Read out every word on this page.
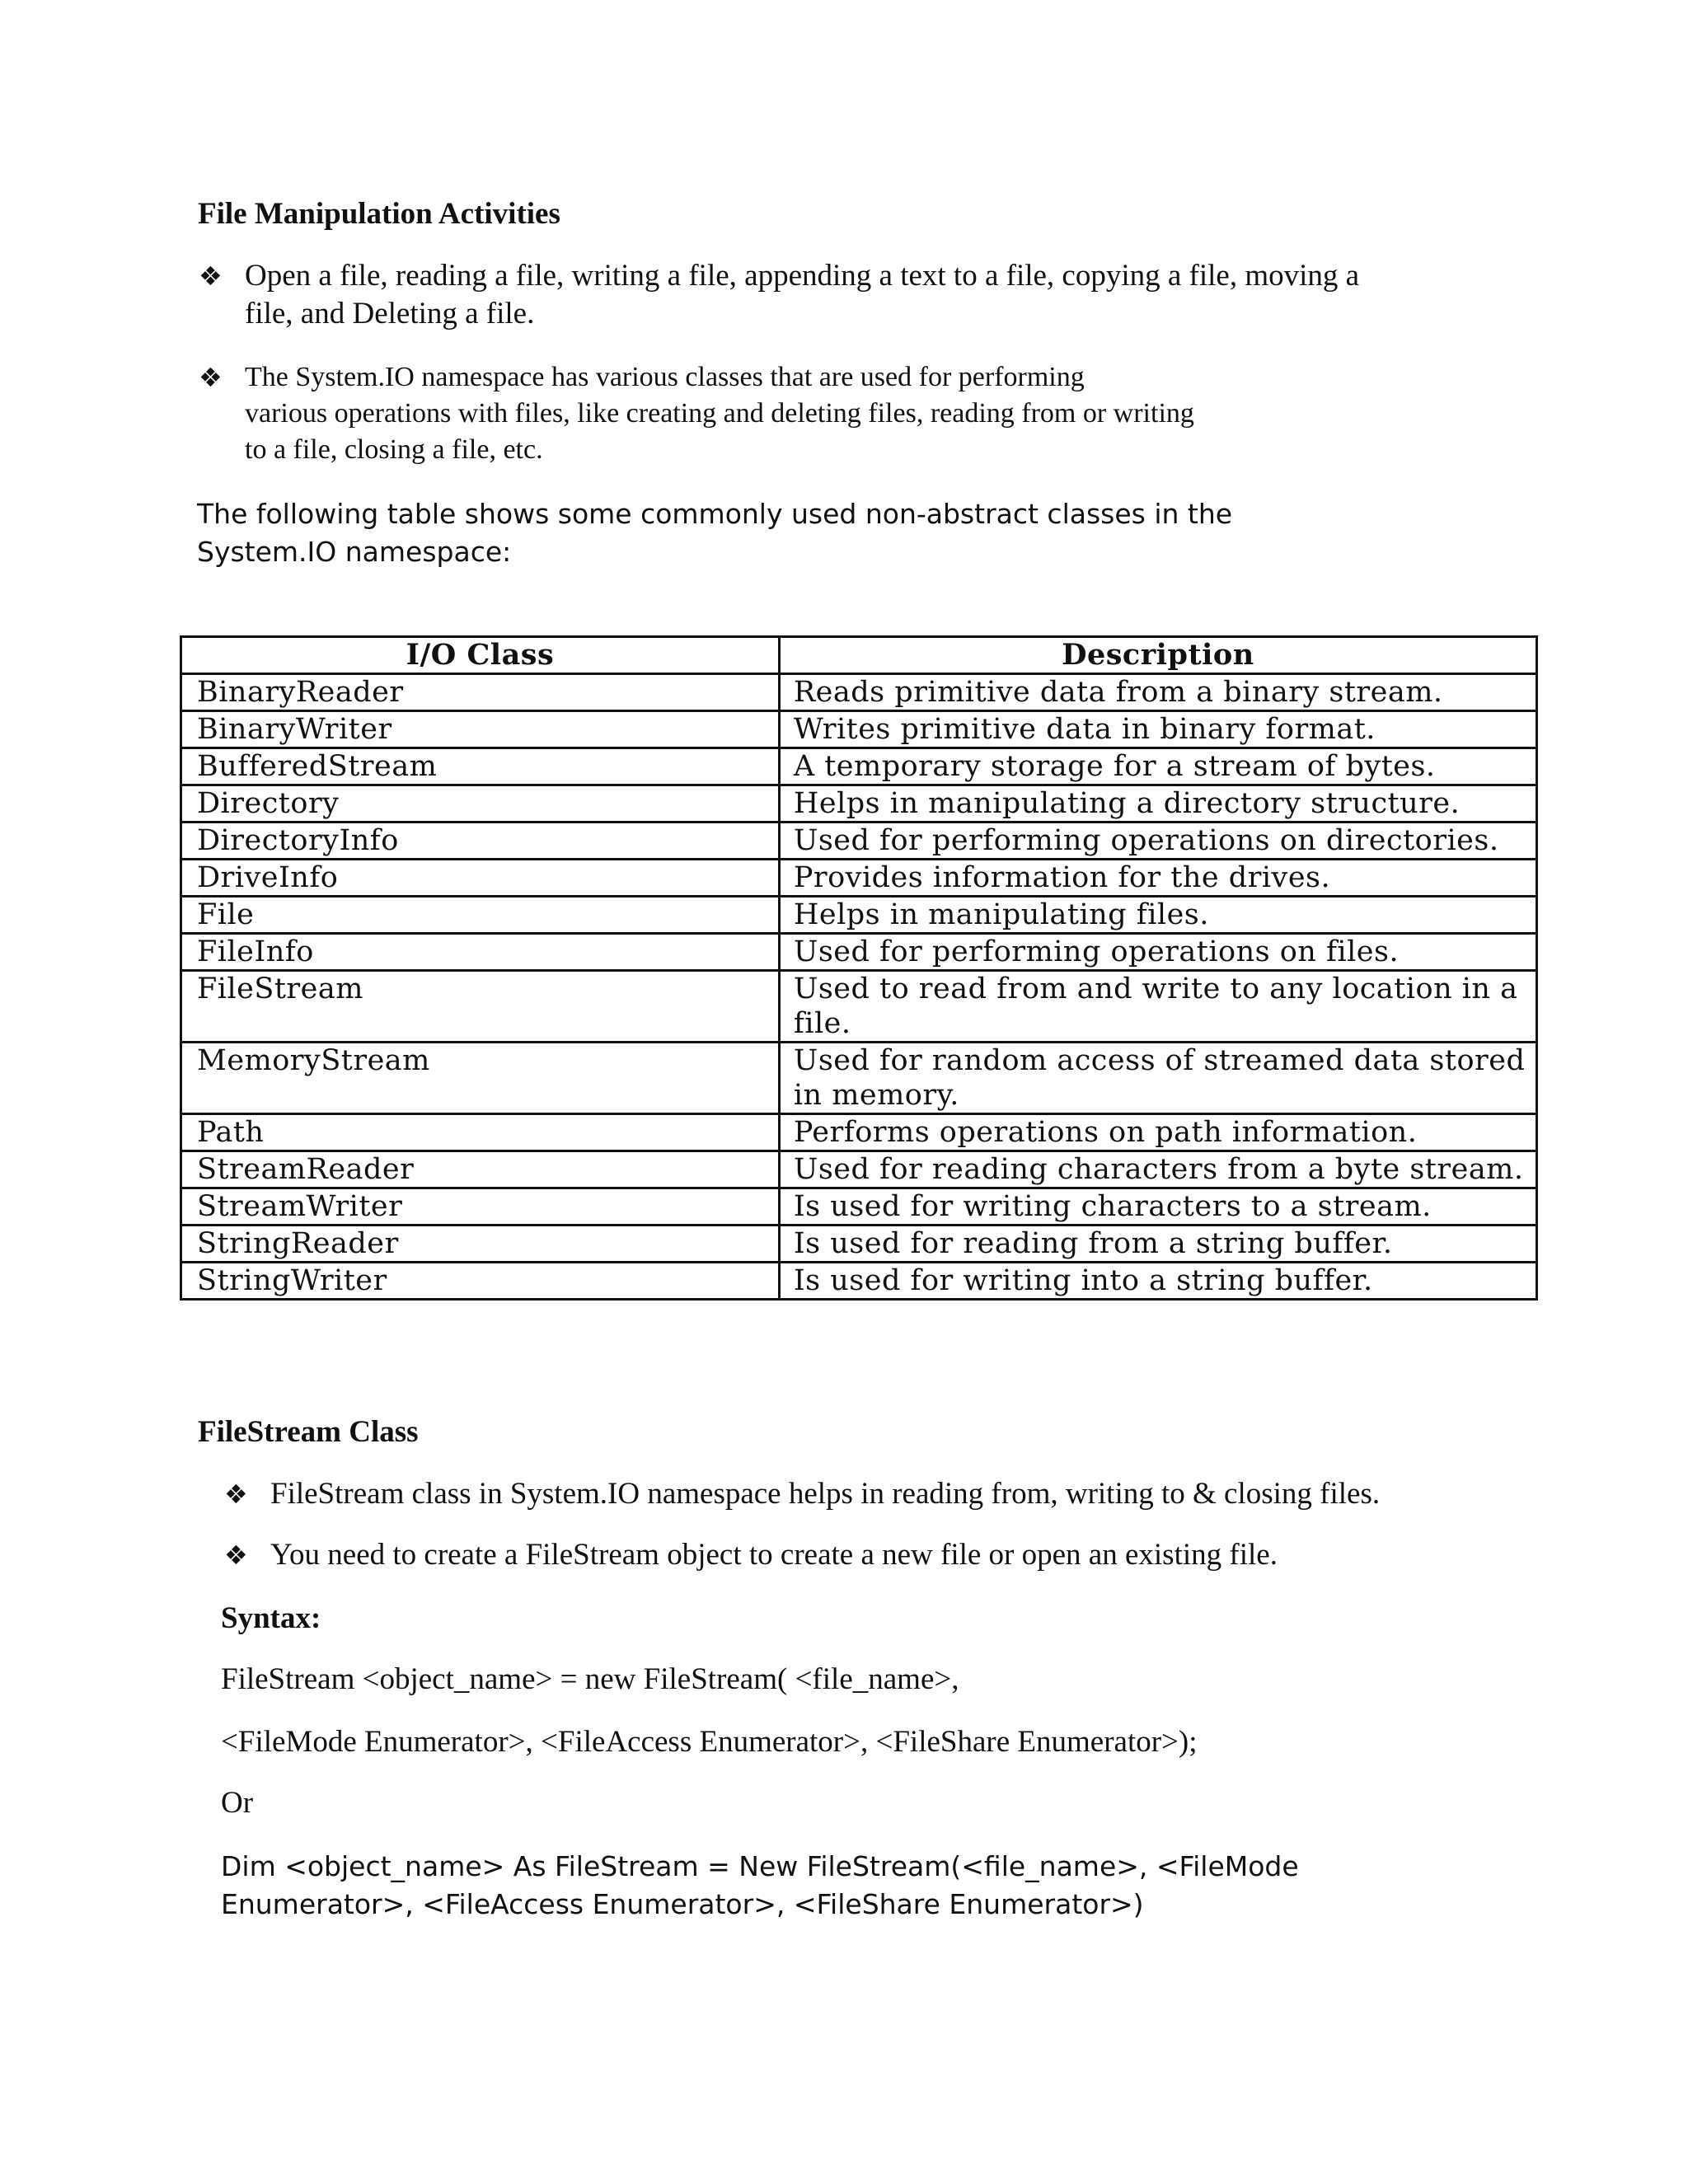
File Manipulation Activities
❖ Open a file, reading a file, writing a file, appending a text to a file, copying a file, moving a
file, and Deleting a file.
❖ The System.IO namespace has various classes that are used for performing
various operations with files, like creating and deleting files, reading from or writing
to a file, closing a file, etc.
The following table shows some commonly used non-abstract classes in the
System.IO namespace:
I/O Class	Description
BinaryReader	Reads primitive data from a binary stream.
BinaryWriter	Writes primitive data in binary format.
BufferedStream	A temporary storage for a stream of bytes.
Directory	Helps in manipulating a directory structure.
DirectoryInfo	Used for performing operations on directories.
DriveInfo	Provides information for the drives.
File	Helps in manipulating files.
FileInfo	Used for performing operations on files.
FileStream	Used to read from and write to any location in a file.
MemoryStream	Used for random access of streamed data stored in memory.
Path	Performs operations on path information.
StreamReader	Used for reading characters from a byte stream.
StreamWriter	Is used for writing characters to a stream.
StringReader	Is used for reading from a string buffer.
StringWriter	Is used for writing into a string buffer.
FileStream Class
❖ FileStream class in System.IO namespace helps in reading from, writing to & closing files.
❖ You need to create a FileStream object to create a new file or open an existing file.
Syntax:
FileStream <object_name> = new FileStream( <file_name>,
<FileMode Enumerator>, <FileAccess Enumerator>, <FileShare Enumerator>);
Or
Dim <object_name> As FileStream = New FileStream(<file_name>, <FileMode
Enumerator>, <FileAccess Enumerator>, <FileShare Enumerator>)
